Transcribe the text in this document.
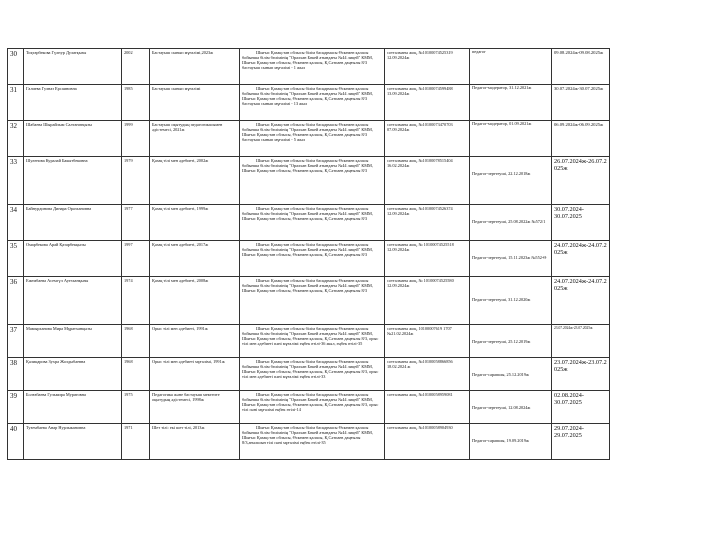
30	Тоқтарбекова Гүлнур Дулатқызы	2002	Бастауыш сынып мұғалімі,2023ж	Шығыс Қазақстан облысы білім басқармасы Өскемен қаласы бойынша білім бөлімінің "Оралхан Бөкей атындағы №44 лицей" КММ, Шығыс Қазақстан облысы, Өскемен қаласы, Қ.Сәтпаев даңғылы 8/3 бастауыш сынып мұғалімі - 1 жыл	сотталмағы жоқ, №10100074525319 12.09.2024ж	педагог	09.08.2024ж-09.08.2025ж
31	Галиева Гулназ Ерсаиновна	1985	Бастауыш сынып мұғалімі	Шығыс Қазақстан облысы білім басқармасы Өскемен қаласы бойынша білім бөлімінің "Оралхан Бөкей атындағы №44 лицей" КММ, Шығыс Қазақстан облысы, Өскемен қаласы, Қ.Сәтпаев даңғылы 8/3 бастауыш сынып мұғалімі - 13 жыл	сотталмағы жоқ, №10100074599488 13.09.2024ж	Педагог-модератор, 31.12.2021ж	30.07.2024ж-30.07.2025ж
32	Шабаева Шырайлым Салтанатқызы	1999	Бастауыш оқытудың педагогикасымен әдістемесі, 2021ж	Шығыс Қазақстан облысы білім басқармасы Өскемен қаласы бойынша білім бөлімінің "Оралхан Бөкей атындағы №44 лицей" КММ, Шығыс Қазақстан облысы, Өскемен қаласы, Қ.Сәтпаев даңғылы 8/3 бастауыш сынып мұғалімі - 5 жыл	сотталмағы жоқ, №10100073470703 07.09.2024ж	Педагог-модератор, 01.09.2021ж	06.09.2024ж-06.09.2025ж
33	Шуленова Куралай Бакытбековна	1979	Қазақ тілі мен әдебиеті, 2002ж	Шығыс Қазақстан облысы білім басқармасы Өскемен қаласы бойынша білім бөлімінің "Оралхан Бөкей атындағы №44 лицей" КММ, Шығыс Қазақстан облысы, Өскемен қаласы, Қ.Сәтпаев даңғылы 8/3	сотталмағы жоқ, №10100078515404 16.02.2024ж	Педагог-зерттеуші, 22.12.2018ж	26.07.2024ж-26.07.2025ж
34	Байнурдинова Динара Оразхановна	1977	Қазақ тілі мен әдебиеті, 1999ж	Шығыс Қазақстан облысы білім басқармасы Өскемен қаласы бойынша білім бөлімінің "Оралхан Бөкей атындағы №44 лицей" КММ, Шығыс Қазақстан облысы, Өскемен қаласы, Қ.Сәтпаев даңғылы 8/3	сотталмағы жоқ, №10100074526374 12.09.2024ж	Педагог-зерттеуші, 25.08.2022ж №572/1	30.07.2024-30.07.2025
35	Омарбекова Арай Қазарбекқызы	1997	Қазақ тілі мен әдебиеті, 2017ж	Шығыс Қазақстан облысы білім басқармасы Өскемен қаласы бойынша білім бөлімінің "Оралхан Бөкей атындағы №44 лицей" КММ, Шығыс Қазақстан облысы, Өскемен қаласы, Қ.Сәтпаев даңғылы 8/3	сотталмағы жоқ, № 10100074525518 12.09.2024ж	Педагог-зерттеуші, 15.11.2023ж №552-Ө	24.07.2024ж-24.07.2025ж
36	Ежембаева Асемгүл Ауезханқызы	1974	Қазақ тілі мен әдебиеті, 2008ж	Шығыс Қазақстан облысы білім басқармасы Өскемен қаласы бойынша білім бөлімінің "Оралхан Бөкей атындағы №44 лицей" КММ, Шығыс Қазақстан облысы, Өскемен қаласы, Қ.Сәтпаев даңғылы 8/3	сотталмағы жоқ, № 10100074525580 12.09.2024ж	Педагог-зерттеуші, 31.12.2020ж	24.07.2024ж-24.07.2025ж
37	Мамырханова Мира Мұратханқызы	1968	Орыс тілі мен әдебиеті, 1991ж	Шығыс Қазақстан облысы білім басқармасы Өскемен қаласы бойынша білім бөлімінің "Оралхан Бөкей атындағы №44 лицей" КММ, Шығыс Қазақстан облысы, Өскемен қаласы, Қ.Сәтпаев даңғылы 8/3, орыс тілі мен әдебиеті пәні мұғалімі еңбек өтілі-36 жыл, еңбек өтілі-35	сотталмағы жоқ, 10100007619 1707 №21.02.2024ж	Педагог-зерттеуші, 25.12.2019ж	23.07.2024ж-23.07.2025ж
38	Қалиқарова Зухра Жолдыбаевна	1968	Орыс тілі мен әдебиеті мұғалімі, 1991ж	Шығыс Қазақстан облысы білім басқармасы Өскемен қаласы бойынша білім бөлімінің "Оралхан Бөкей атындағы №44 лицей" КММ, Шығыс Қазақстан облысы, Өскемен қаласы, Қ.Сәтпаев даңғылы 8/3, орыс тілі мен әдебиеті пәні мұғалімі еңбек өтілі-33	сотталмағы жоқ, №10100058866856 18.02.2024 ж	Педагог-сарапшы, 25.12.2019ж	23.07.2024ж-23.07.2025ж
39	Болғабаева Гульмира Муратовна	1975	Педагогика және бастауыш мектепте оқытудың әдістемесі, 1998ж	Шығыс Қазақстан облысы білім басқармасы Өскемен қаласы бойынша білім бөлімінің "Оралхан Бөкей атындағы №44 лицей" КММ, Шығыс Қазақстан облысы, Өскемен қаласы, Қ.Сәтпаев даңғылы 8/3, орыс тілі пәні мұғалімі еңбек өтілі-14	сотталмағы жоқ, №10100058959081	Педагог-зерттеуші, 12.08.2024ж	02.08.2024-30.07.2025
40	Тузембаева Анар Нурлыкановна	1971	Шет тілі: екі шет тілі, 2013ж	Шығыс Қазақстан облысы білім басқармасы Өскемен қаласы бойынша білім бөлімінің "Оралхан Бөкей атындағы №44 лицей" КММ, Шығыс Қазақстан облысы, Өскемен қаласы, Қ.Сәтпаев даңғылы 8/3,ағылшын тілі пәні мұғалімі еңбек өтілі-35	сотталмағы жоқ, №10100058904930	Педагог-сарапшы, 19.09.2019ж	29.07.2024-29.07.2025
